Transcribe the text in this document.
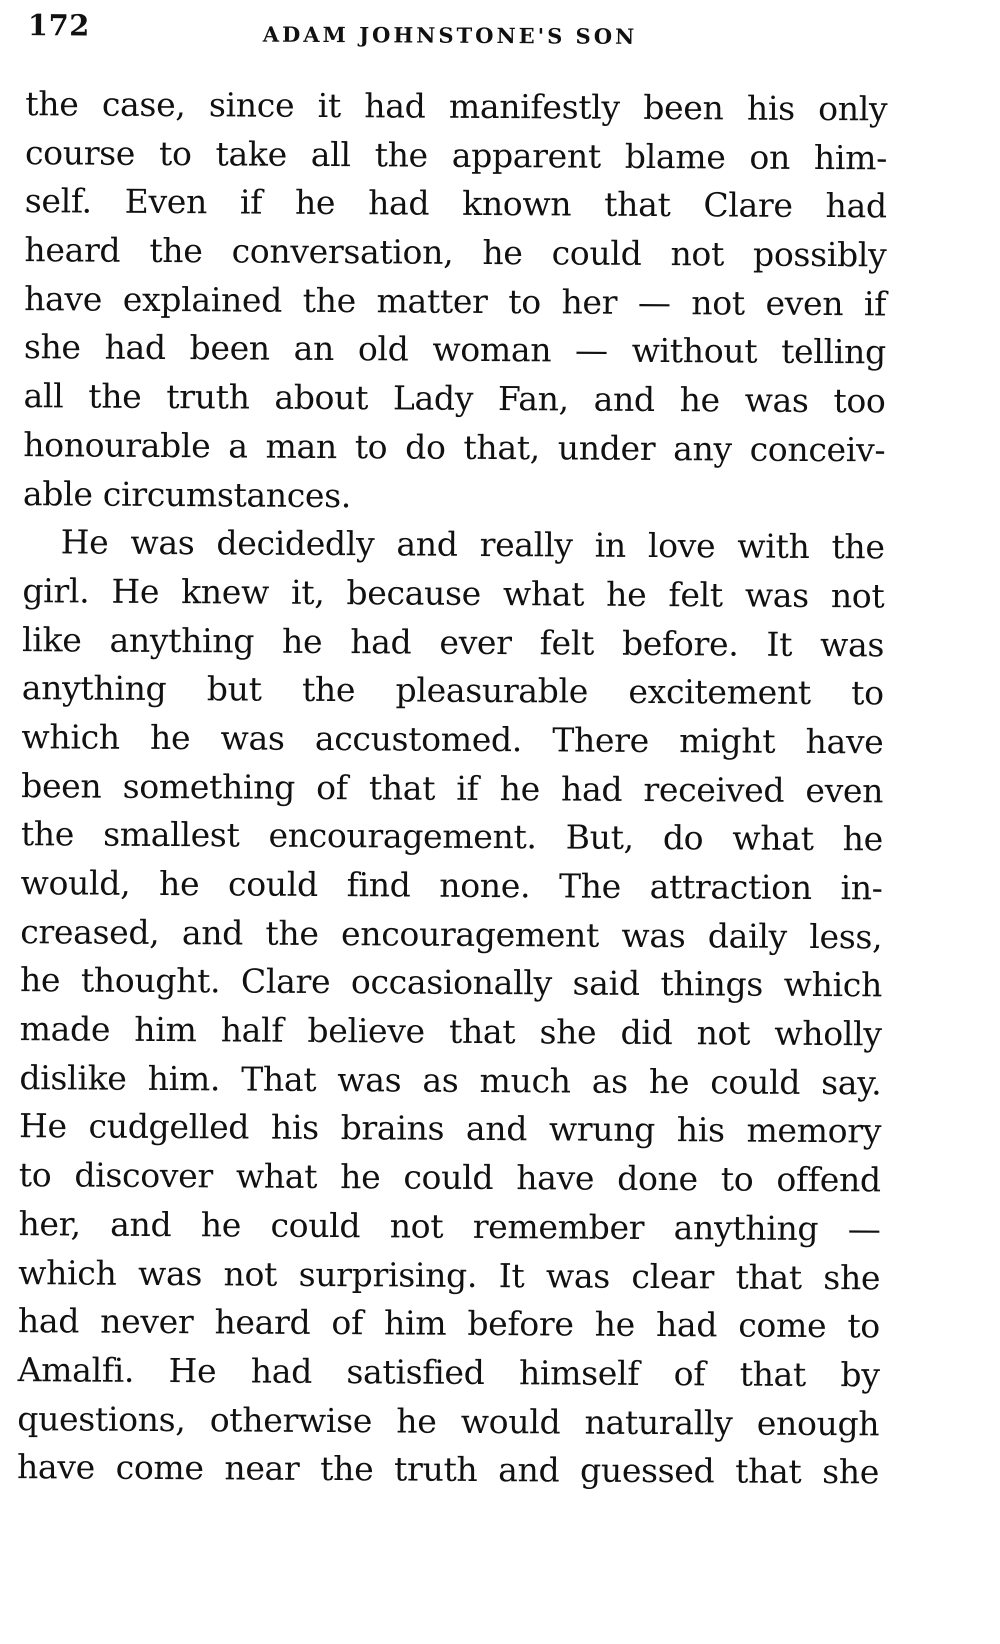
172	ADAM JOHNSTONE'S SON
the case, since it had manifestly been his only
course to take all the apparent blame on him-
self. Even if he had known that Clare had
heard the conversation, he could not possibly
have explained the matter to her — not even if
she had been an old woman — without telling
all the truth about Lady Fan, and he was too
honourable a man to do that, under any conceiv-
able circumstances.
He was decidedly and really in love with the
girl. He knew it, because what he felt was not
like anything he had ever felt before. It was
anything but the pleasurable excitement to
which he was accustomed. There might have
been something of that if he had received even
the smallest encouragement. But, do what he
would, he could find none. The attraction in-
creased, and the encouragement was daily less,
he thought. Clare occasionally said things which
made him half believe that she did not wholly
dislike him. That was as much as he could say.
He cudgelled his brains and wrung his memory
to discover what he could have done to offend
her, and he could not remember anything —
which was not surprising. It was clear that she
had never heard of him before he had come to
Amalfi. He had satisfied himself of that by
questions, otherwise he would naturally enough
have come near the truth and guessed that she
